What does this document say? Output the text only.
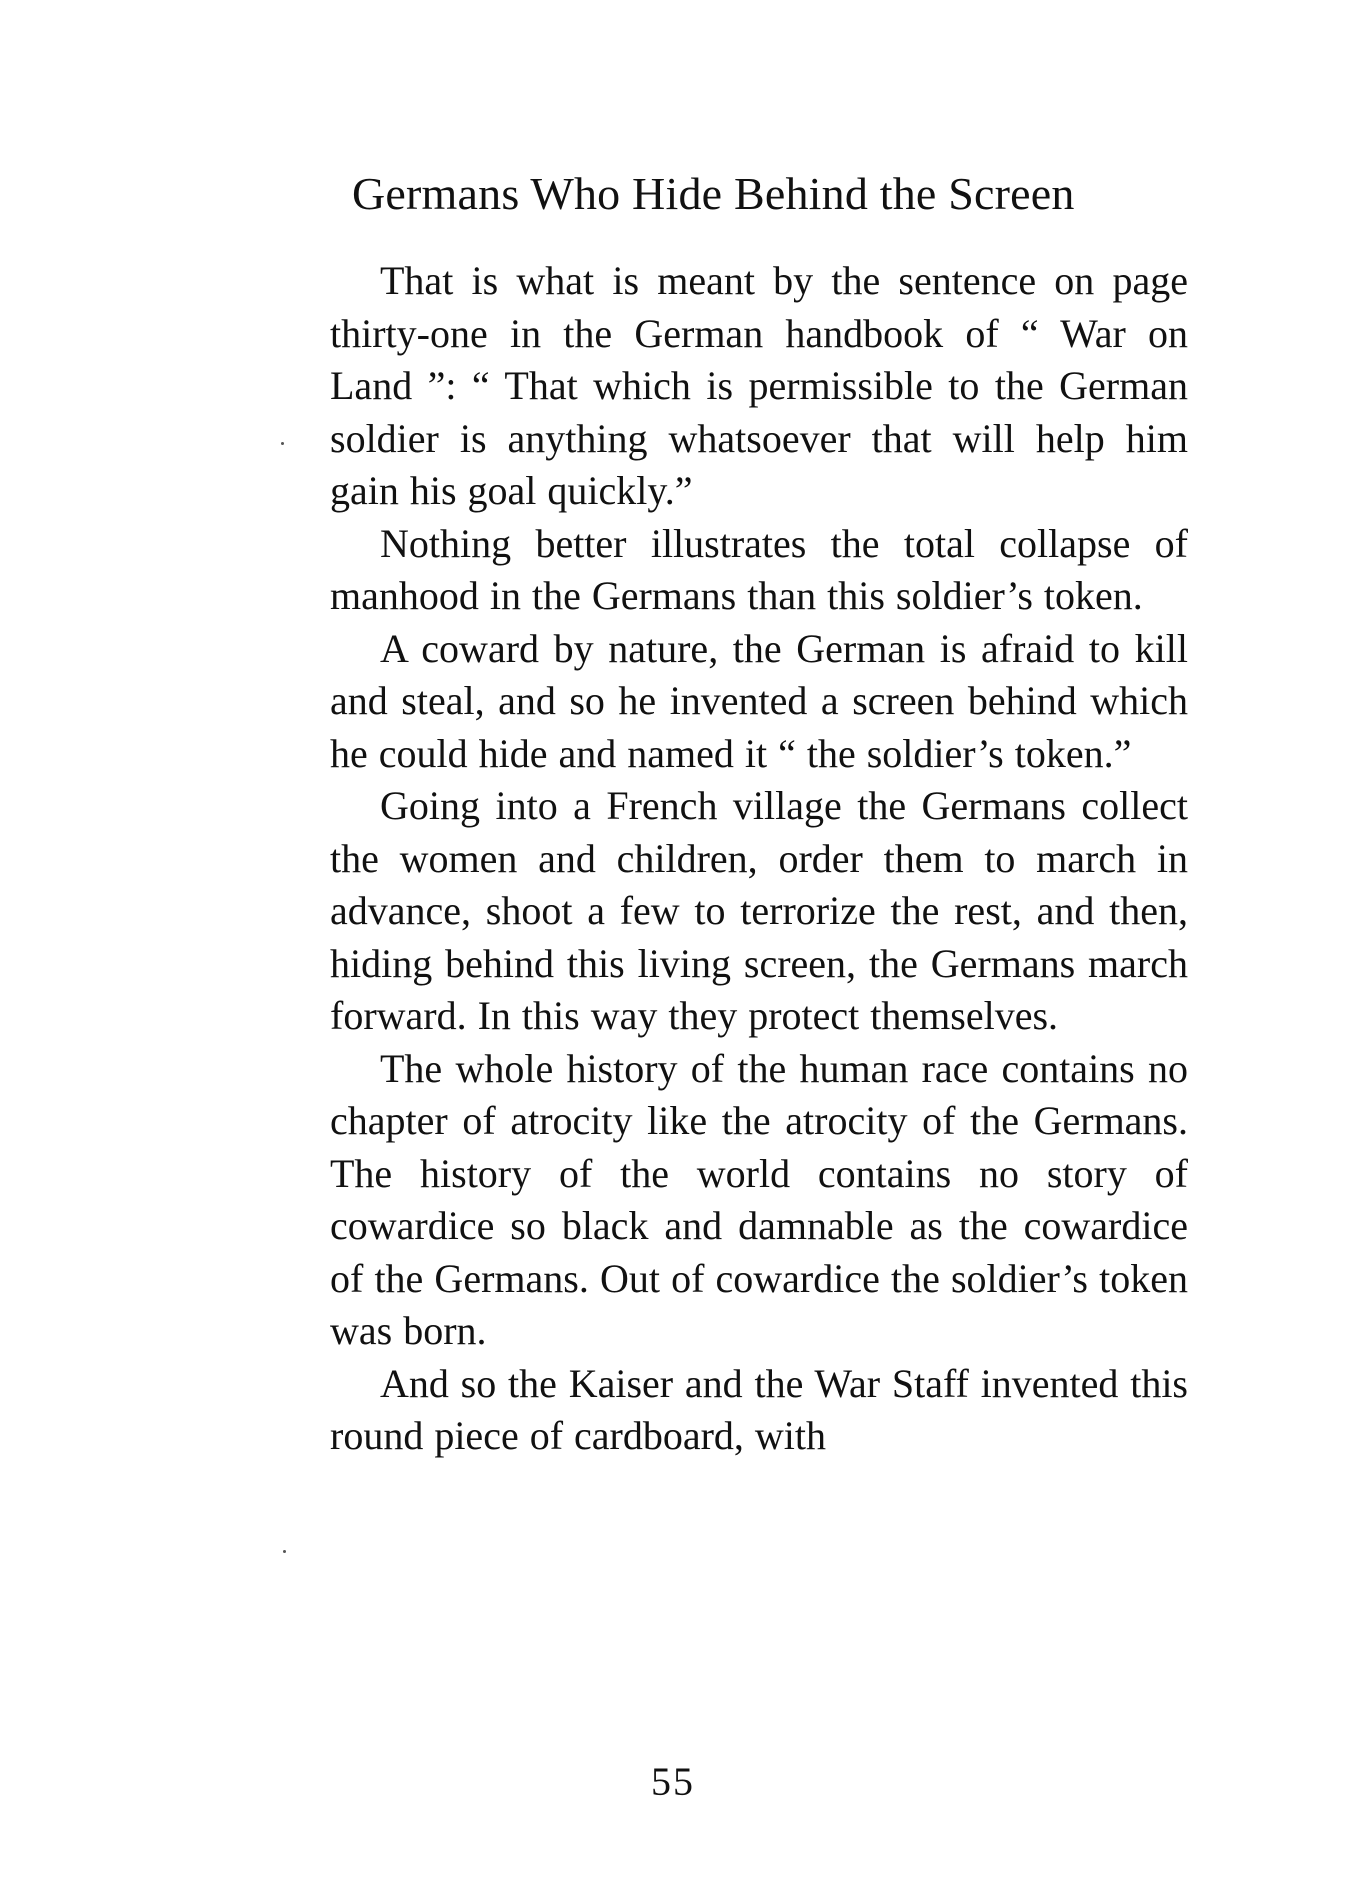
Germans Who Hide Behind the Screen

That is what is meant by the sentence on page thirty-one in the German handbook of “ War on Land ”: “ That which is permissible to the German soldier is anything whatsoever that will help him gain his goal quickly.”

Nothing better illustrates the total collapse of manhood in the Germans than this soldier’s token.

A coward by nature, the German is afraid to kill and steal, and so he invented a screen behind which he could hide and named it “ the soldier’s token.”

Going into a French village the Germans collect the women and children, order them to march in advance, shoot a few to terrorize the rest, and then, hiding behind this living screen, the Germans march forward. In this way they protect themselves.

The whole history of the human race contains no chapter of atrocity like the atrocity of the Germans. The history of the world contains no story of cowardice so black and damnable as the cowardice of the Germans. Out of cowardice the soldier’s token was born.

And so the Kaiser and the War Staff invented this round piece of cardboard, with

55
